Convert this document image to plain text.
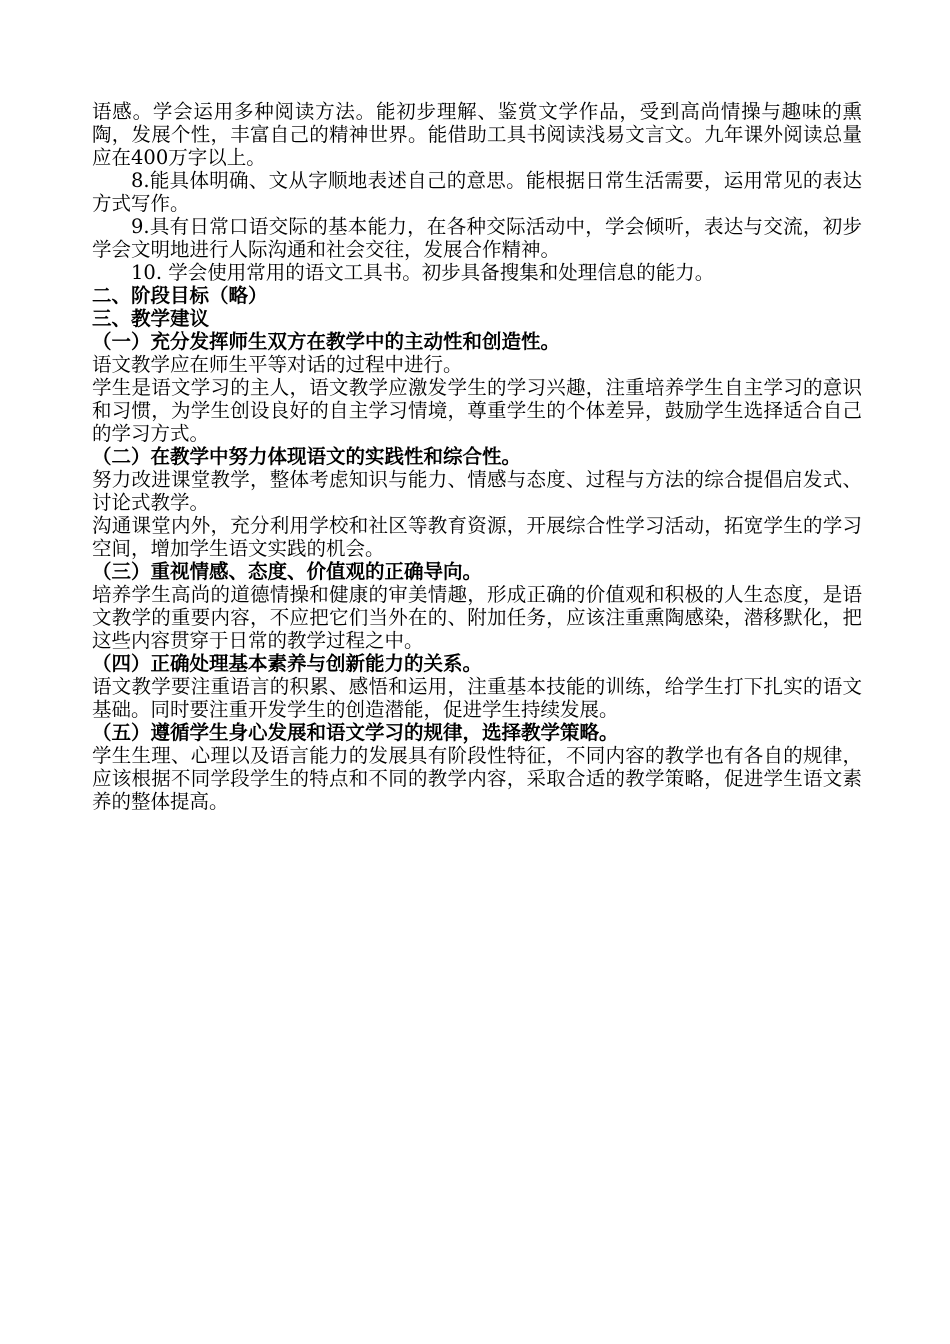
语感。学会运用多种阅读方法。能初步理解、鉴赏文学作品，受到高尚情操与趣味的熏陶，发展个性，丰富自己的精神世界。能借助工具书阅读浅易文言文。九年课外阅读总量应在400万字以上。

8.能具体明确、文从字顺地表述自己的意思。能根据日常生活需要，运用常见的表达方式写作。

9.具有日常口语交际的基本能力，在各种交际活动中，学会倾听，表达与交流，初步学会文明地进行人际沟通和社会交往，发展合作精神。

10. 学会使用常用的语文工具书。初步具备搜集和处理信息的能力。

二、阶段目标（略）

三、教学建议

（一）充分发挥师生双方在教学中的主动性和创造性。

语文教学应在师生平等对话的过程中进行。

学生是语文学习的主人，语文教学应激发学生的学习兴趣，注重培养学生自主学习的意识和习惯，为学生创设良好的自主学习情境，尊重学生的个体差异，鼓励学生选择适合自己的学习方式。

（二）在教学中努力体现语文的实践性和综合性。

努力改进课堂教学，整体考虑知识与能力、情感与态度、过程与方法的综合提倡启发式、讨论式教学。

沟通课堂内外，充分利用学校和社区等教育资源，开展综合性学习活动，拓宽学生的学习空间，增加学生语文实践的机会。

（三）重视情感、态度、价值观的正确导向。

培养学生高尚的道德情操和健康的审美情趣，形成正确的价值观和积极的人生态度，是语文教学的重要内容，不应把它们当外在的、附加任务，应该注重熏陶感染，潜移默化，把这些内容贯穿于日常的教学过程之中。

（四）正确处理基本素养与创新能力的关系。

语文教学要注重语言的积累、感悟和运用，注重基本技能的训练，给学生打下扎实的语文基础。同时要注重开发学生的创造潜能，促进学生持续发展。

（五）遵循学生身心发展和语文学习的规律，选择教学策略。

学生生理、心理以及语言能力的发展具有阶段性特征，不同内容的教学也有各自的规律，应该根据不同学段学生的特点和不同的教学内容，采取合适的教学策略，促进学生语文素养的整体提高。
